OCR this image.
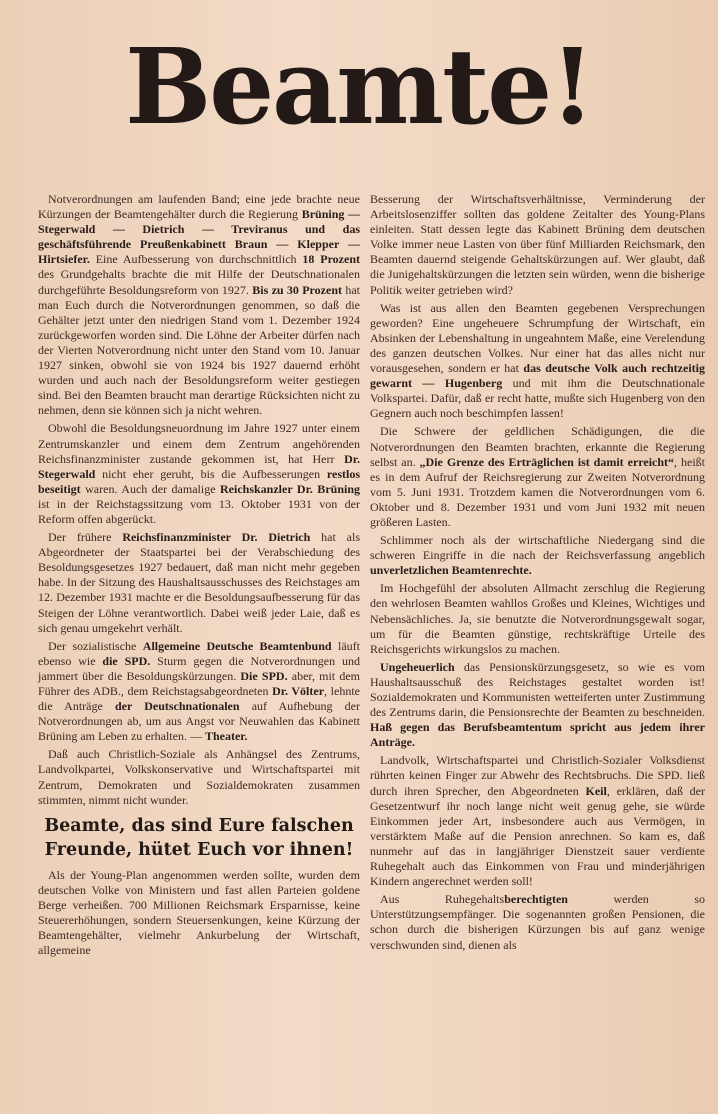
Beamte!

Notverordnungen am laufenden Band; eine jede brachte neue Kürzungen der Beamtengehälter durch die Regierung Brüning — Stegerwald — Dietrich — Treviranus und das geschäftsführende Preußenkabinett Braun — Klepper — Hirtsiefer. Eine Aufbesserung von durchschnittlich 18 Prozent des Grundgehalts brachte die mit Hilfe der Deutschnationalen durchgeführte Besoldungsreform von 1927. Bis zu 30 Prozent hat man Euch durch die Notverordnungen genommen, so daß die Gehälter jetzt unter den niedrigen Stand vom 1. Dezember 1924 zurückgeworfen worden sind. Die Löhne der Arbeiter dürfen nach der Vierten Notverordnung nicht unter den Stand vom 10. Januar 1927 sinken, obwohl sie von 1924 bis 1927 dauernd erhöht wurden und auch nach der Besoldungsreform weiter gestiegen sind. Bei den Beamten braucht man derartige Rücksichten nicht zu nehmen, denn sie können sich ja nicht wehren.

Obwohl die Besoldungsneuordnung im Jahre 1927 unter einem Zentrumskanzler und einem dem Zentrum angehörenden Reichsfinanzminister zustande gekommen ist, hat Herr Dr. Stegerwald nicht eher geruht, bis die Aufbesserungen restlos beseitigt waren. Auch der damalige Reichskanzler Dr. Brüning ist in der Reichstagssitzung vom 13. Oktober 1931 von der Reform offen abgerückt.

Der frühere Reichsfinanzminister Dr. Dietrich hat als Abgeordneter der Staatspartei bei der Verabschiedung des Besoldungsgesetzes 1927 bedauert, daß man nicht mehr gegeben habe. In der Sitzung des Haushaltsausschusses des Reichstages am 12. Dezember 1931 machte er die Besoldungsaufbesserung für das Steigen der Löhne verantwortlich. Dabei weiß jeder Laie, daß es sich genau umgekehrt verhält.

Der sozialistische Allgemeine Deutsche Beamtenbund läuft ebenso wie die SPD. Sturm gegen die Notverordnungen und jammert über die Besoldungskürzungen. Die SPD. aber, mit dem Führer des ADB., dem Reichstagsabgeordneten Dr. Völter, lehnte die Anträge der Deutschnationalen auf Aufhebung der Notverordnungen ab, um aus Angst vor Neuwahlen das Kabinett Brüning am Leben zu erhalten. — Theater.

Daß auch Christlich-Soziale als Anhängsel des Zentrums, Landvolkpartei, Volkskonservative und Wirtschaftspartei mit Zentrum, Demokraten und Sozialdemokraten zusammen stimmten, nimmt nicht wunder.

Beamte, das sind Eure falschen Freunde, hütet Euch vor ihnen!

Als der Young-Plan angenommen werden sollte, wurden dem deutschen Volke von Ministern und fast allen Parteien goldene Berge verheißen. 700 Millionen Reichsmark Ersparnisse, keine Steuererhöhungen, sondern Steuersenkungen, keine Kürzung der Beamtengehälter, vielmehr Ankurbelung der Wirtschaft, allgemeine

Besserung der Wirtschaftsverhältnisse, Verminderung der Arbeitslosenziffer sollten das goldene Zeitalter des Young-Plans einleiten. Statt dessen legte das Kabinett Brüning dem deutschen Volke immer neue Lasten von über fünf Milliarden Reichsmark, den Beamten dauernd steigende Gehaltskürzungen auf. Wer glaubt, daß die Junigehaltskürzungen die letzten sein würden, wenn die bisherige Politik weiter getrieben wird?

Was ist aus allen den Beamten gegebenen Versprechungen geworden? Eine ungeheuere Schrumpfung der Wirtschaft, ein Absinken der Lebenshaltung in ungeahntem Maße, eine Verelendung des ganzen deutschen Volkes. Nur einer hat das alles nicht nur vorausgesehen, sondern er hat das deutsche Volk auch rechtzeitig gewarnt — Hugenberg und mit ihm die Deutschnationale Volkspartei. Dafür, daß er recht hatte, mußte sich Hugenberg von den Gegnern auch noch beschimpfen lassen!

Die Schwere der geldlichen Schädigungen, die die Notverordnungen den Beamten brachten, erkannte die Regierung selbst an. „Die Grenze des Erträglichen ist damit erreicht“, heißt es in dem Aufruf der Reichsregierung zur Zweiten Notverordnung vom 5. Juni 1931. Trotzdem kamen die Notverordnungen vom 6. Oktober und 8. Dezember 1931 und vom Juni 1932 mit neuen größeren Lasten.

Schlimmer noch als der wirtschaftliche Niedergang sind die schweren Eingriffe in die nach der Reichsverfassung angeblich unverletzlichen Beamtenrechte.

Im Hochgefühl der absoluten Allmacht zerschlug die Regierung den wehrlosen Beamten wahllos Großes und Kleines, Wichtiges und Nebensächliches. Ja, sie benutzte die Notverordnungsgewalt sogar, um für die Beamten günstige, rechtskräftige Urteile des Reichsgerichts wirkungslos zu machen.

Ungeheuerlich das Pensionskürzungsgesetz, so wie es vom Haushaltsausschuß des Reichstages gestaltet worden ist! Sozialdemokraten und Kommunisten wetteiferten unter Zustimmung des Zentrums darin, die Pensionsrechte der Beamten zu beschneiden. Haß gegen das Berufsbeamtentum spricht aus jedem ihrer Anträge.

Landvolk, Wirtschaftspartei und Christlich-Sozialer Volksdienst rührten keinen Finger zur Abwehr des Rechtsbruchs. Die SPD. ließ durch ihren Sprecher, den Abgeordneten Keil, erklären, daß der Gesetzentwurf ihr noch lange nicht weit genug gehe, sie würde Einkommen jeder Art, insbesondere auch aus Vermögen, in verstärktem Maße auf die Pension anrechnen. So kam es, daß nunmehr auf das in langjähriger Dienstzeit sauer verdiente Ruhegehalt auch das Einkommen von Frau und minderjährigen Kindern angerechnet werden soll!

Aus Ruhegehaltsberechtigten werden so Unterstützungsempfänger. Die sogenannten großen Pensionen, die schon durch die bisherigen Kürzungen bis auf ganz wenige verschwunden sind, dienen als
